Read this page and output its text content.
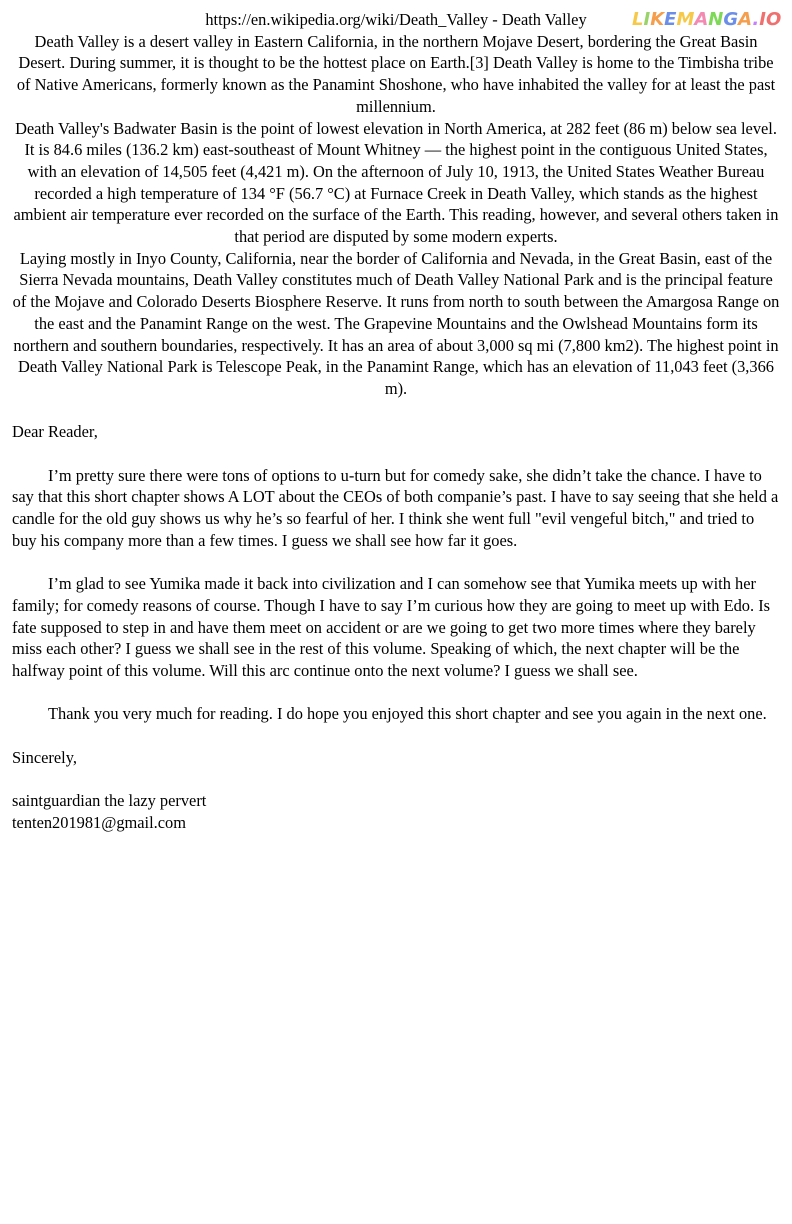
LIKEMANGA.IO

https://en.wikipedia.org/wiki/Death_Valley - Death Valley

Death Valley is a desert valley in Eastern California, in the northern Mojave Desert, bordering the Great Basin Desert. During summer, it is thought to be the hottest place on Earth.[3] Death Valley is home to the Timbisha tribe of Native Americans, formerly known as the Panamint Shoshone, who have inhabited the valley for at least the past millennium.

Death Valley's Badwater Basin is the point of lowest elevation in North America, at 282 feet (86 m) below sea level. It is 84.6 miles (136.2 km) east-southeast of Mount Whitney — the highest point in the contiguous United States, with an elevation of 14,505 feet (4,421 m). On the afternoon of July 10, 1913, the United States Weather Bureau recorded a high temperature of 134 °F (56.7 °C) at Furnace Creek in Death Valley, which stands as the highest ambient air temperature ever recorded on the surface of the Earth. This reading, however, and several others taken in that period are disputed by some modern experts.

Laying mostly in Inyo County, California, near the border of California and Nevada, in the Great Basin, east of the Sierra Nevada mountains, Death Valley constitutes much of Death Valley National Park and is the principal feature of the Mojave and Colorado Deserts Biosphere Reserve. It runs from north to south between the Amargosa Range on the east and the Panamint Range on the west. The Grapevine Mountains and the Owlshead Mountains form its northern and southern boundaries, respectively. It has an area of about 3,000 sq mi (7,800 km2). The highest point in Death Valley National Park is Telescope Peak, in the Panamint Range, which has an elevation of 11,043 feet (3,366 m).

Dear Reader,

I’m pretty sure there were tons of options to u-turn but for comedy sake, she didn’t take the chance. I have to say that this short chapter shows A LOT about the CEOs of both companie’s past. I have to say seeing that she held a candle for the old guy shows us why he’s so fearful of her. I think she went full "evil vengeful bitch," and tried to buy his company more than a few times. I guess we shall see how far it goes.

I’m glad to see Yumika made it back into civilization and I can somehow see that Yumika meets up with her family; for comedy reasons of course. Though I have to say I’m curious how they are going to meet up with Edo. Is fate supposed to step in and have them meet on accident or are we going to get two more times where they barely miss each other? I guess we shall see in the rest of this volume. Speaking of which, the next chapter will be the halfway point of this volume. Will this arc continue onto the next volume? I guess we shall see.

Thank you very much for reading. I do hope you enjoyed this short chapter and see you again in the next one.

Sincerely,

saintguardian the lazy pervert

tenten201981@gmail.com
